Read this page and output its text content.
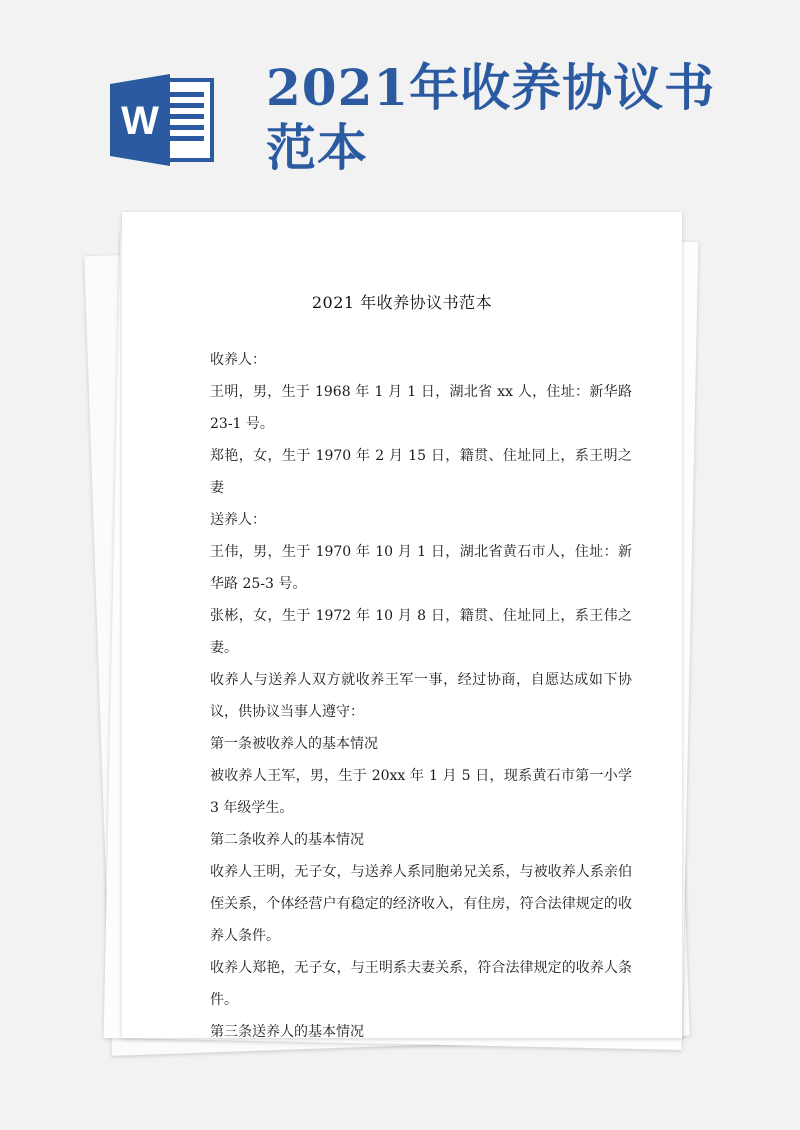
W
2021年收养协议书
范本
2021 年收养协议书范本

收养人：

王明，男，生于 1968 年 1 月 1 日，湖北省 xx 人，住址：新华路 23-1 号。

郑艳，女，生于 1970 年 2 月 15 日，籍贯、住址同上，系王明之妻

送养人：

王伟，男，生于 1970 年 10 月 1 日，湖北省黄石市人，住址：新华路 25-3 号。

张彬，女，生于 1972 年 10 月 8 日，籍贯、住址同上，系王伟之妻。

收养人与送养人双方就收养王军一事，经过协商，自愿达成如下协议，供协议当事人遵守：

第一条被收养人的基本情况

被收养人王军，男，生于 20xx 年 1 月 5 日，现系黄石市第一小学 3 年级学生。

第二条收养人的基本情况

收养人王明，无子女，与送养人系同胞弟兄关系，与被收养人系亲伯侄关系，个体经营户有稳定的经济收入，有住房，符合法律规定的收养人条件。

收养人郑艳，无子女，与王明系夫妻关系，符合法律规定的收养人条件。

第三条送养人的基本情况
